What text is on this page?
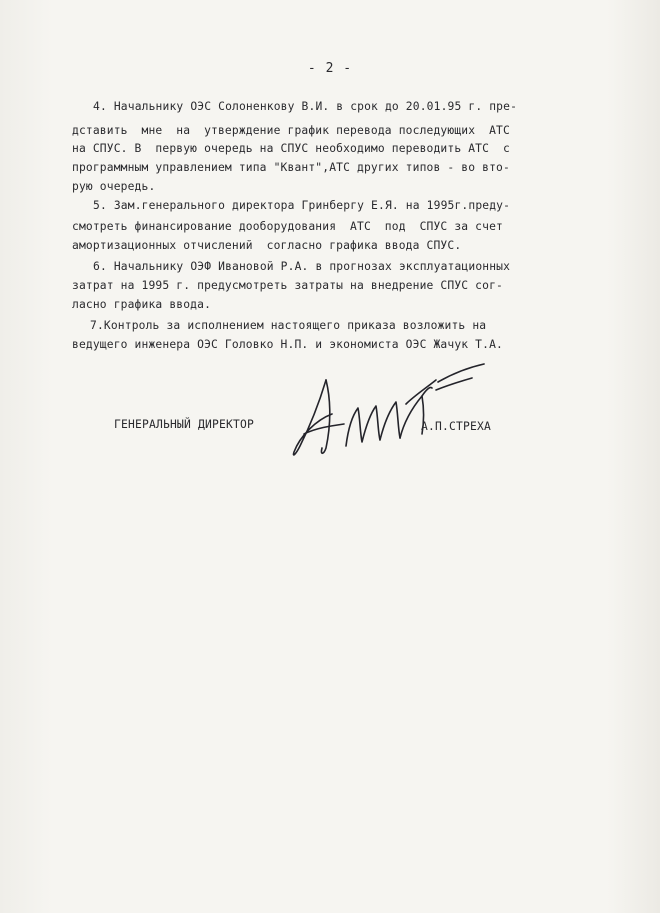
- 2 -
4. Начальнику ОЭС Солоненкову В.И. в срок до 20.01.95 г. пре-
дставить  мне  на  утверждение график перевода последующих  АТС
на СПУС. В  первую очередь на СПУС необходимо переводить АТС  с
программным управлением типа "Квант",АТС других типов - во вто-
рую очередь.
5. Зам.генерального директора Гринбергу Е.Я. на 1995г.преду-
смотреть финансирование дооборудования  АТС  под  СПУС за счет
амортизационных отчислений  согласно графика ввода СПУС.
6. Начальнику ОЭФ Ивановой Р.А. в прогнозах эксплуатационных
затрат на 1995 г. предусмотреть затраты на внедрение СПУС сог-
ласно графика ввода.
7.Контроль за исполнением настоящего приказа возложить на
ведущего инженера ОЭС Головко Н.П. и экономиста ОЭС Жачук Т.А.
ГЕНЕРАЛЬНЫЙ ДИРЕКТОР	А.П.СТРЕХА
